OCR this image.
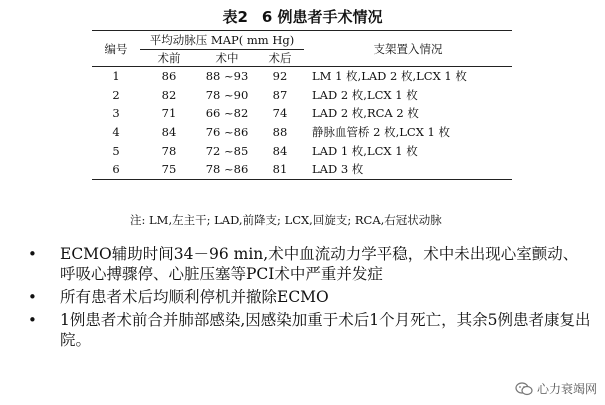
表2 6 例患者手术情况
编号	平均动脉压 MAP( mm Hg)			支架置入情况
	术前	术中	术后	
1	86	88 ~93	92	LM 1 枚,LAD 2 枚,LCX 1 枚
2	82	78 ~90	87	LAD 2 枚,LCX 1 枚
3	71	66 ~82	74	LAD 2 枚,RCA 2 枚
4	84	76 ~86	88	静脉血管桥 2 枚,LCX 1 枚
5	78	72 ~85	84	LAD 1 枚,LCX 1 枚
6	75	78 ~86	81	LAD 3 枚
注: LM,左主干; LAD,前降支; LCX,回旋支; RCA,右冠状动脉
• ECMO辅助时间34－96 min,术中血流动力学平稳，术中未出现心室颤动、呼吸心搏骤停、心脏压塞等PCI术中严重并发症
• 所有患者术后均顺利停机并撤除ECMO
• 1例患者术前合并肺部感染,因感染加重于术后1个月死亡，其余5例患者康复出院。
心力衰竭网
